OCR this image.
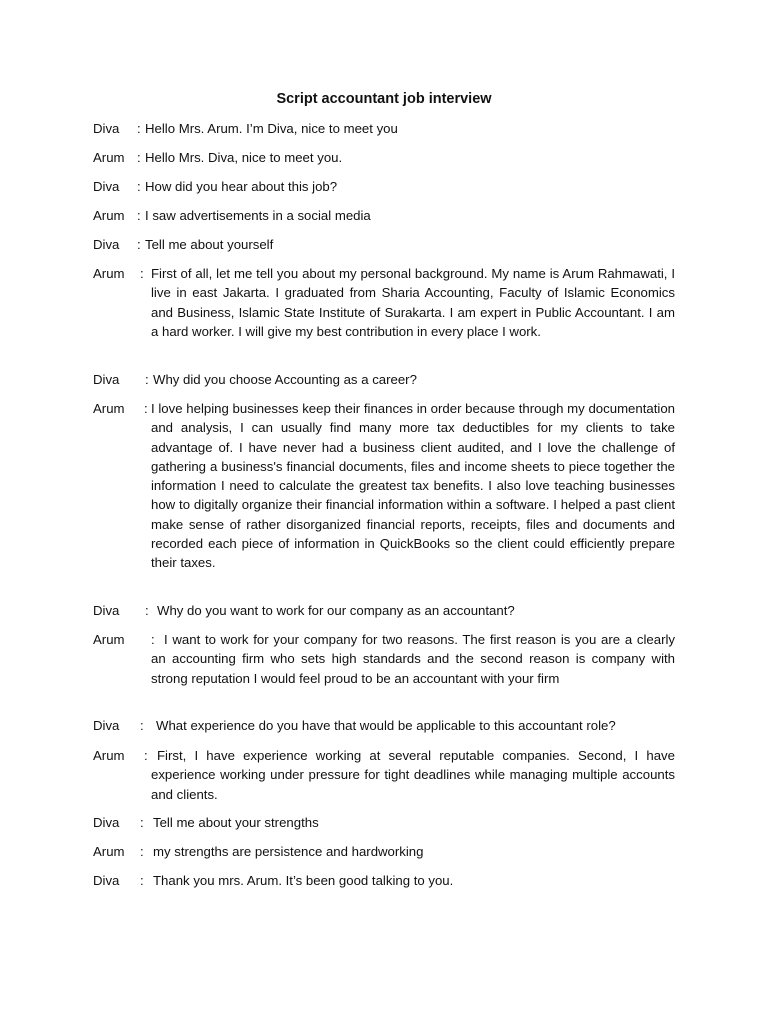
Script accountant job interview
Diva : Hello Mrs. Arum. I’m Diva, nice to meet you
Arum : Hello Mrs. Diva, nice to meet you.
Diva : How did you hear about this job?
Arum : I saw advertisements in a social media
Diva : Tell me about yourself
Arum : First of all, let me tell you about my personal background. My name is Arum Rahmawati, I live in east Jakarta. I graduated from Sharia Accounting, Faculty of Islamic Economics and Business, Islamic State Institute of Surakarta. I am expert in Public Accountant. I am a hard worker. I will give my best contribution in every place I work.
Diva : Why did you choose Accounting as a career?
Arum : I love helping businesses keep their finances in order because through my documentation and analysis, I can usually find many more tax deductibles for my clients to take advantage of. I have never had a business client audited, and I love the challenge of gathering a business's financial documents, files and income sheets to piece together the information I need to calculate the greatest tax benefits. I also love teaching businesses how to digitally organize their financial information within a software. I helped a past client make sense of rather disorganized financial reports, receipts, files and documents and recorded each piece of information in QuickBooks so the client could efficiently prepare their taxes.
Diva : Why do you want to work for our company as an accountant?
Arum : I want to work for your company for two reasons. The first reason is you are a clearly an accounting firm who sets high standards and the second reason is company with strong reputation I would feel proud to be an accountant with your firm
Diva : What experience do you have that would be applicable to this accountant role?
Arum : First, I have experience working at several reputable companies. Second, I have experience working under pressure for tight deadlines while managing multiple accounts and clients.
Diva : Tell me about your strengths
Arum : my strengths are persistence and hardworking
Diva : Thank you mrs. Arum. It’s been good talking to you.
